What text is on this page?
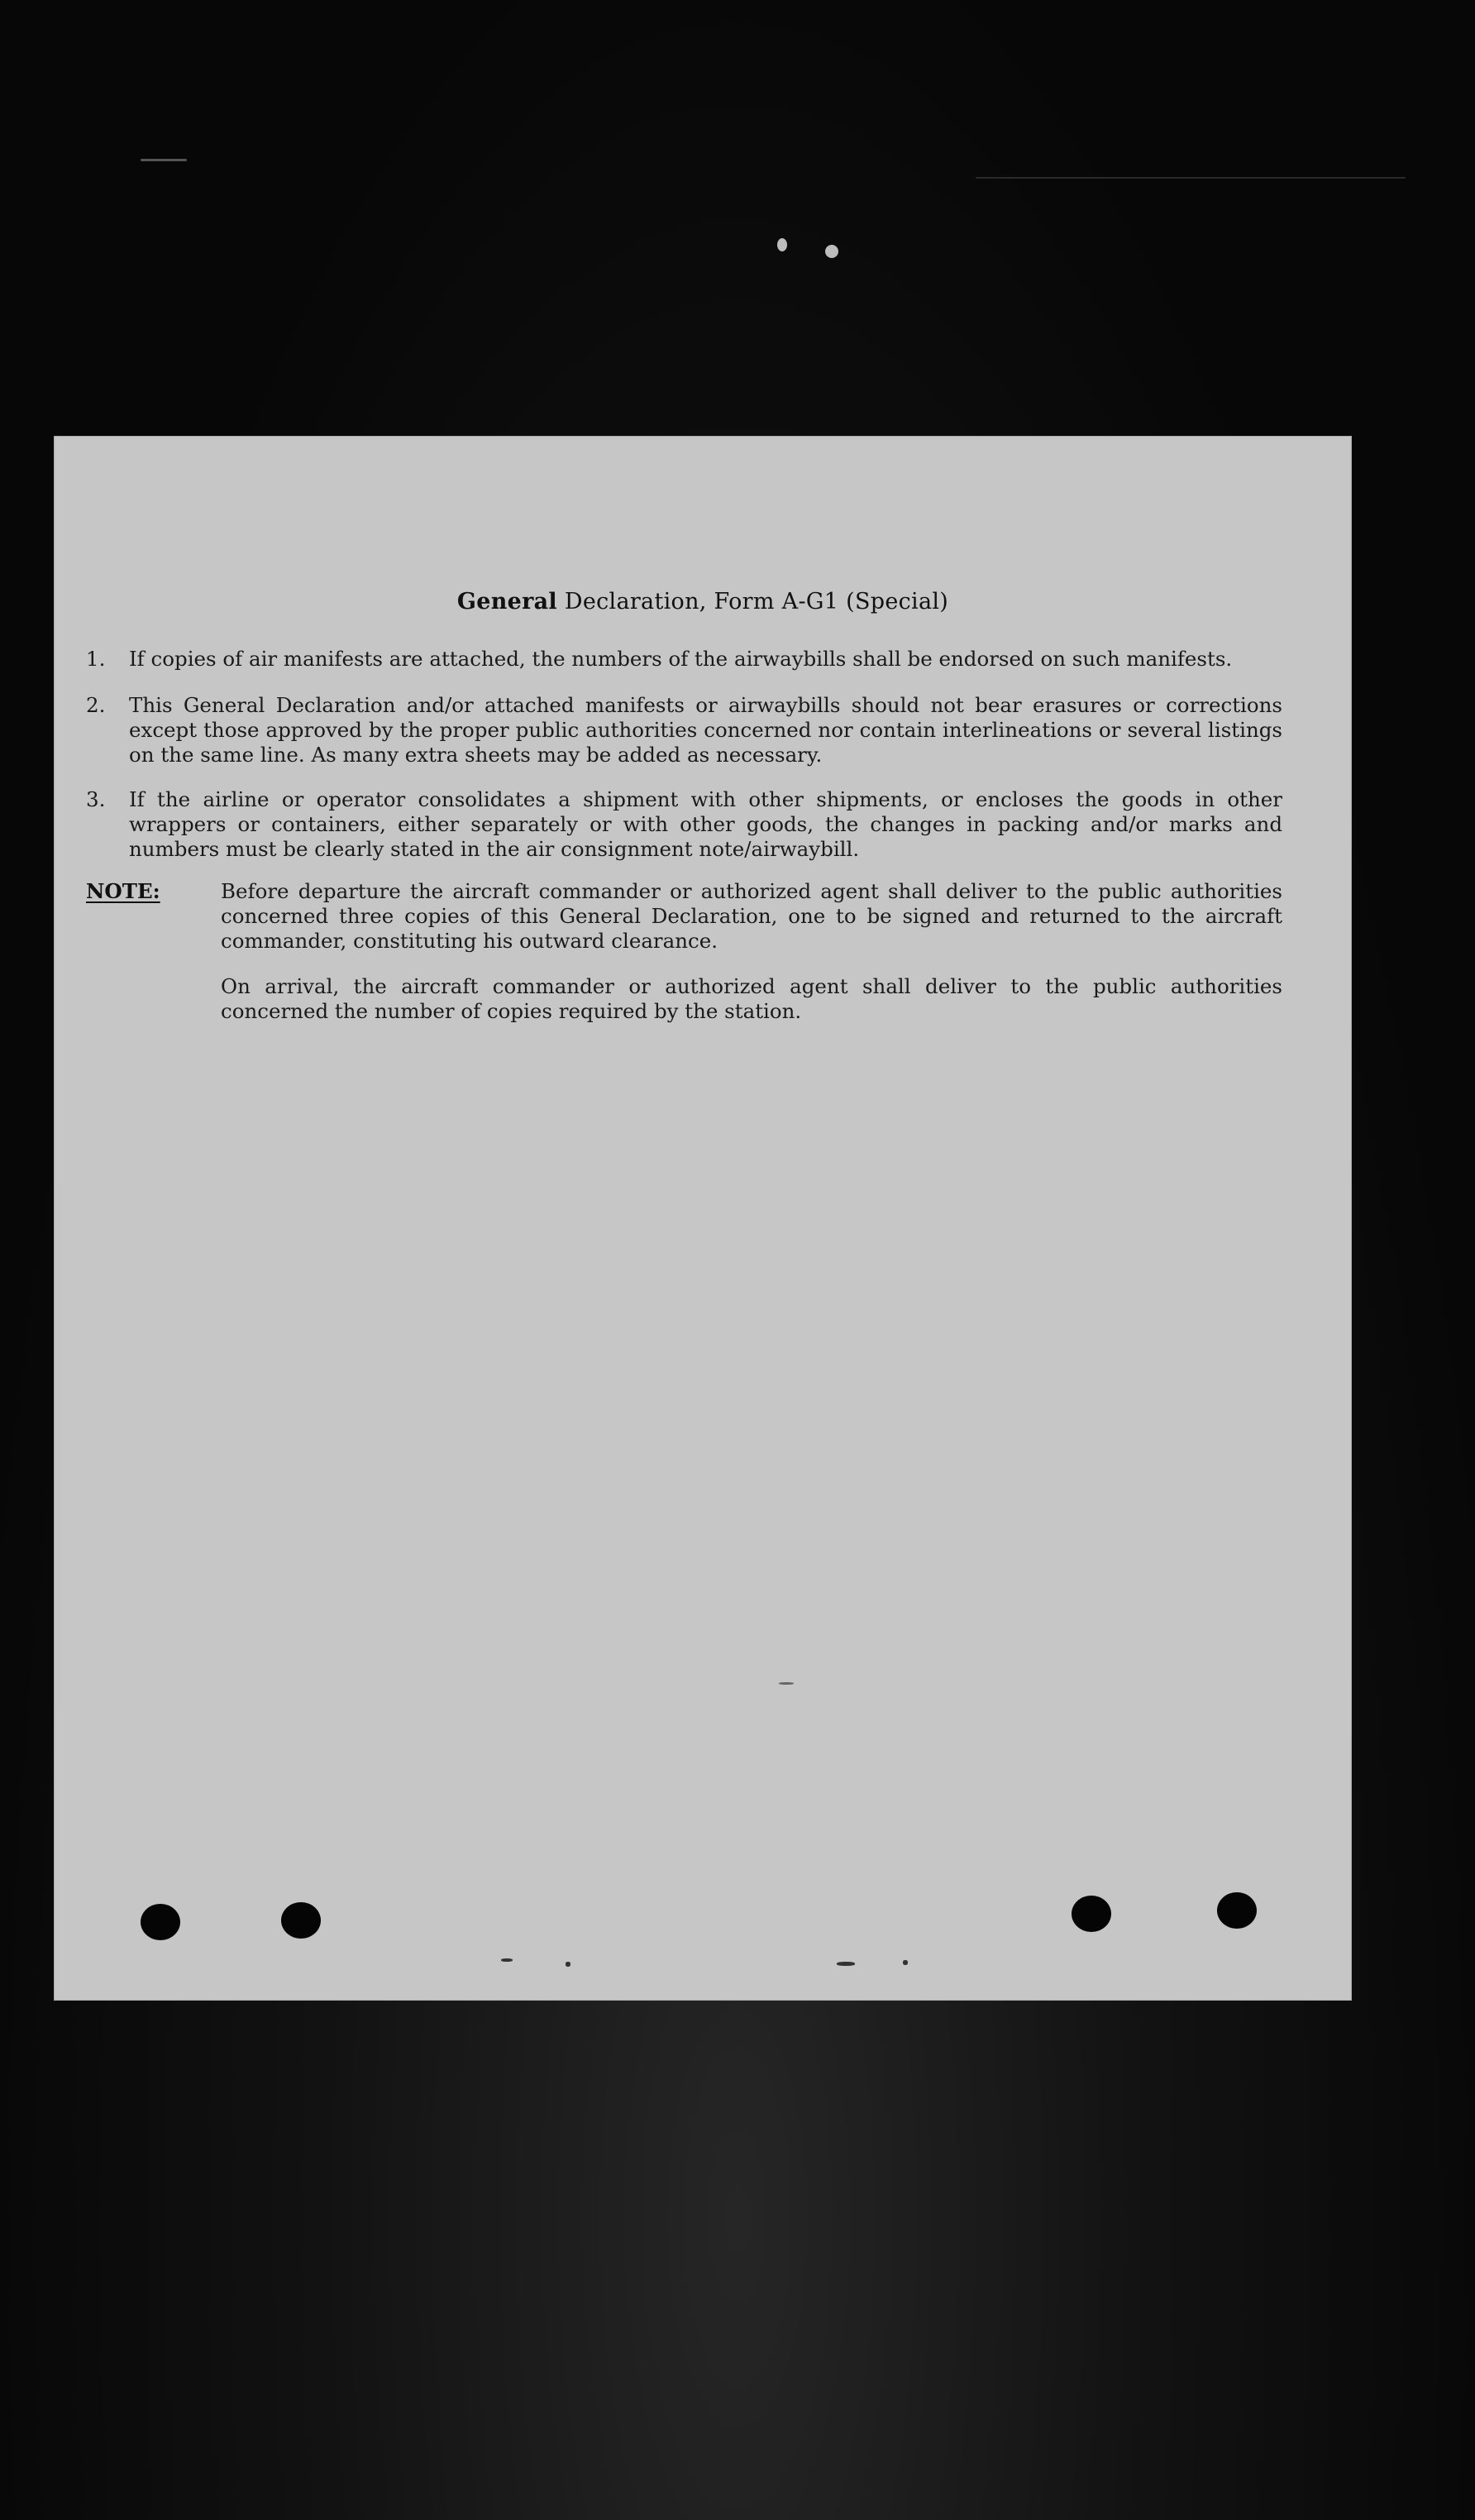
General Declaration, Form A-G1 (Special)
1. If copies of air manifests are attached, the numbers of the airwaybills shall be endorsed on such manifests.
2. This General Declaration and/or attached manifests or airwaybills should not bear erasures or corrections except those approved by the proper public authorities concerned nor contain interlineations or several listings on the same line. As many extra sheets may be added as necessary.
3. If the airline or operator consolidates a shipment with other shipments, or encloses the goods in other wrappers or containers, either separately or with other goods, the changes in packing and/or marks and numbers must be clearly stated in the air consignment note/airwaybill.
NOTE:	Before departure the aircraft commander or authorized agent shall deliver to the public authorities concerned three copies of this General Declaration, one to be signed and returned to the aircraft commander, constituting his outward clearance.
On arrival, the aircraft commander or authorized agent shall deliver to the public authorities concerned the number of copies required by the station.
